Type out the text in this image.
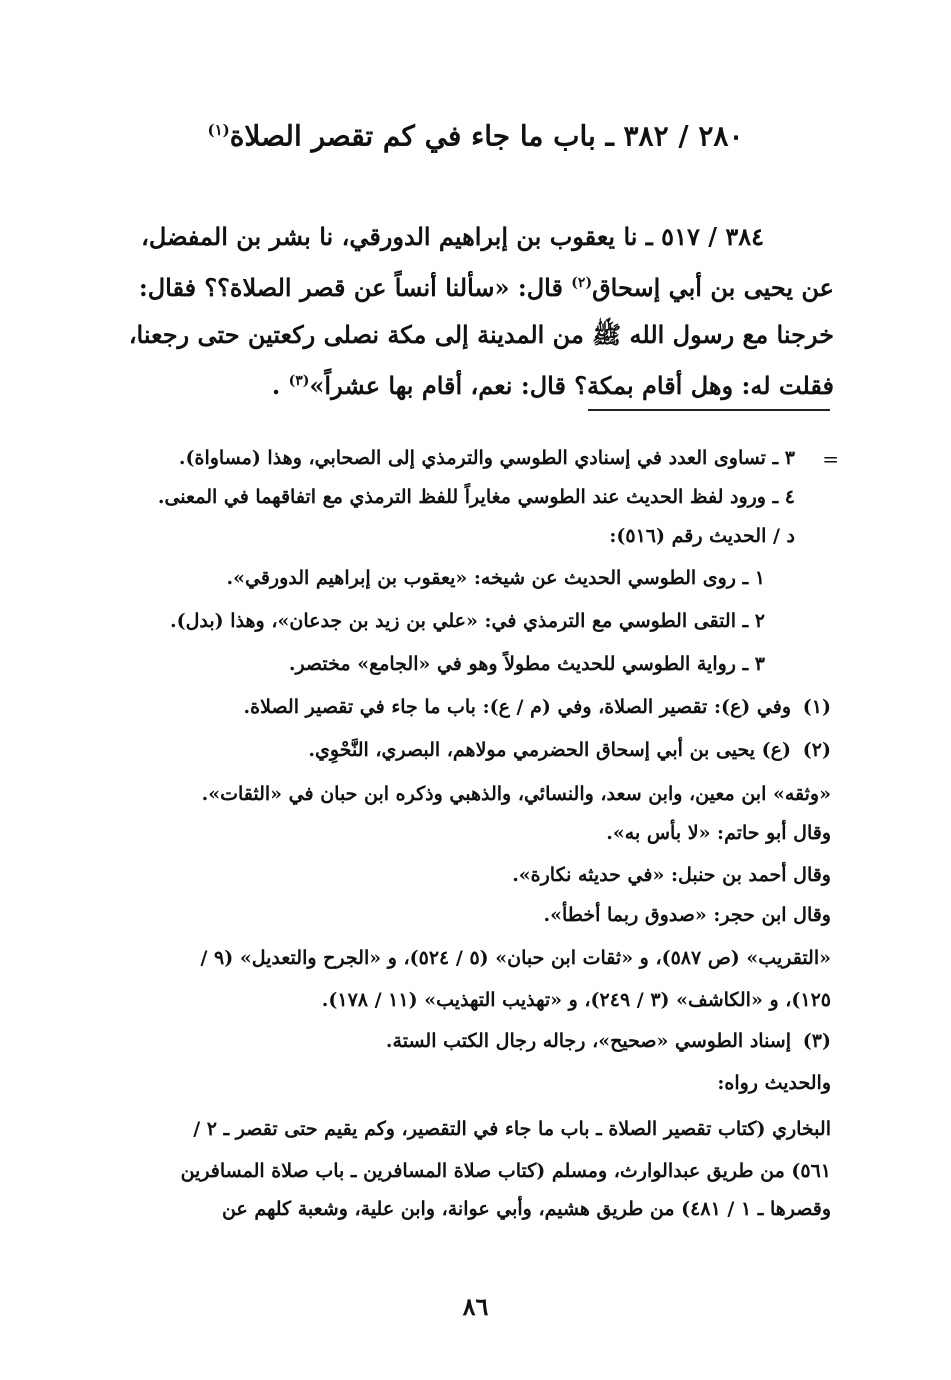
٢٨٠ / ٣٨٢ ـ باب ما جاء في كم تقصر الصلاة$^{(١)}$

٣٨٤ / ٥١٧ ـ نا يعقوب بن إبراهيم الدورقي، نا بشر بن المفضل،

عن يحيى بن أبي إسحاق$^{(٢)}$ قال: «سألنا أنساً عن قصر الصلاة؟؟ فقال:

خرجنا مع رسول الله ﷺ من المدينة إلى مكة نصلى ركعتين حتى رجعنا،

فقلت له: وهل أقام بمكة؟ قال: نعم، أقام بها عشراً»$^{(٣)}$ .

=
٣ ـ تساوى العدد في إسنادي الطوسي والترمذي إلى الصحابي، وهذا (مساواة).
٤ ـ ورود لفظ الحديث عند الطوسي مغايراً للفظ الترمذي مع اتفاقهما في المعنى.
د / الحديث رقم (٥١٦):
١ ـ روى الطوسي الحديث عن شيخه: «يعقوب بن إبراهيم الدورقي».
٢ ـ التقى الطوسي مع الترمذي في: «علي بن زيد بن جدعان»، وهذا (بدل).
٣ ـ رواية الطوسي للحديث مطولاً وهو في «الجامع» مختصر.
(١)
وفي (ع): تقصير الصلاة، وفي (م / ع): باب ما جاء في تقصير الصلاة.
(٢)
(ع) يحيى بن أبي إسحاق الحضرمي مولاهم، البصري، النَّحْوِي.
«وثقه» ابن معين، وابن سعد، والنسائي، والذهبي وذكره ابن حبان في «الثقات».
وقال أبو حاتم: «لا بأس به».
وقال أحمد بن حنبل: «في حديثه نكارة».
وقال ابن حجر: «صدوق ربما أخطأ».
«التقريب» (ص ٥٨٧)، و «ثقات ابن حبان» (٥ / ٥٢٤)، و «الجرح والتعديل» (٩ /
١٢٥)، و «الكاشف» (٣ / ٢٤٩)، و «تهذيب التهذيب» (١١ / ١٧٨).
(٣)
إسناد الطوسي «صحيح»، رجاله رجال الكتب الستة.
والحديث رواه:
البخاري (كتاب تقصير الصلاة ـ باب ما جاء في التقصير، وكم يقيم حتى تقصر ـ ٢ /
٥٦١) من طريق عبدالوارث، ومسلم (كتاب صلاة المسافرين ـ باب صلاة المسافرين
وقصرها ـ ١ / ٤٨١) من طريق هشيم، وأبي عوانة، وابن علية، وشعبة كلهم عن
٨٦
